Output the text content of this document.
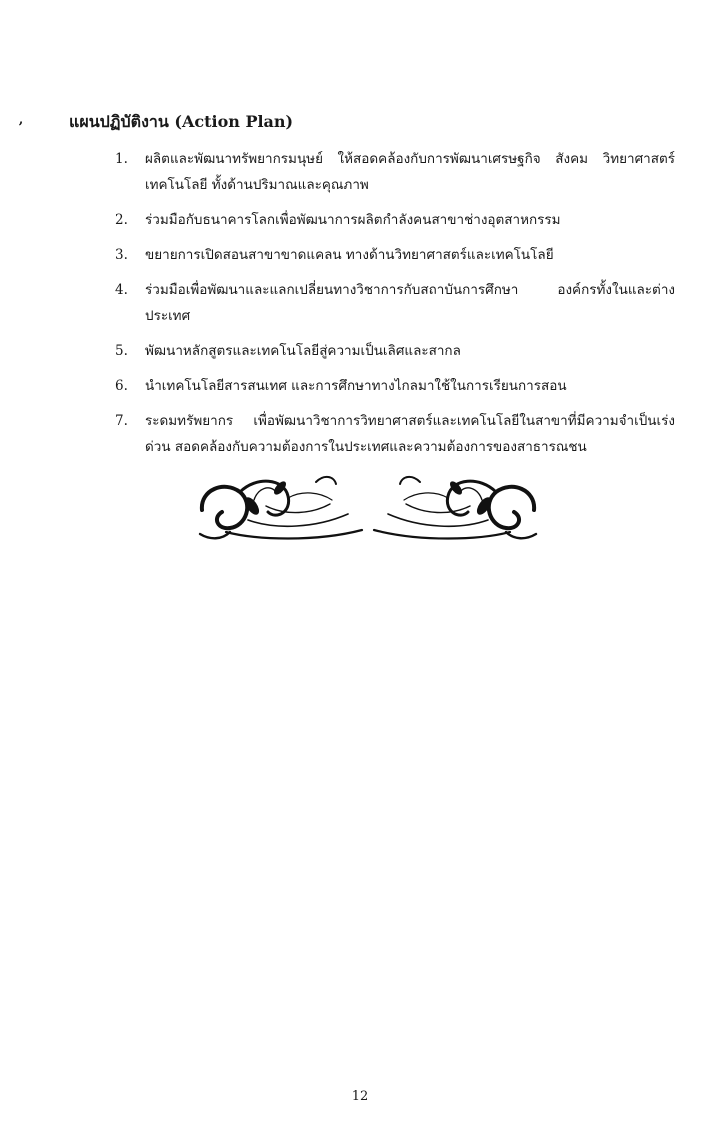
ʼ	แผนปฏิบัติงาน (Action Plan)
1.	ผลิตและพัฒนาทรัพยากรมนุษย์ ให้สอดคล้องกับการพัฒนาเศรษฐกิจ สังคม วิทยาศาสตร์ เทคโนโลยี ทั้งด้านปริมาณและคุณภาพ
2.	ร่วมมือกับธนาคารโลกเพื่อพัฒนาการผลิตกำลังคนสาขาช่างอุตสาหกรรม
3.	ขยายการเปิดสอนสาขาขาดแคลน ทางด้านวิทยาศาสตร์และเทคโนโลยี
4.	ร่วมมือเพื่อพัฒนาและแลกเปลี่ยนทางวิชาการกับสถาบันการศึกษา องค์กรทั้งในและต่างประเทศ
5.	พัฒนาหลักสูตรและเทคโนโลยีสู่ความเป็นเลิศและสากล
6.	นำเทคโนโลยีสารสนเทศ และการศึกษาทางไกลมาใช้ในการเรียนการสอน
7.	ระดมทรัพยากร เพื่อพัฒนาวิชาการวิทยาศาสตร์และเทคโนโลยีในสาขาที่มีความจำเป็นเร่งด่วน สอดคล้องกับความต้องการในประเทศและความต้องการของสาธารณชน
12
